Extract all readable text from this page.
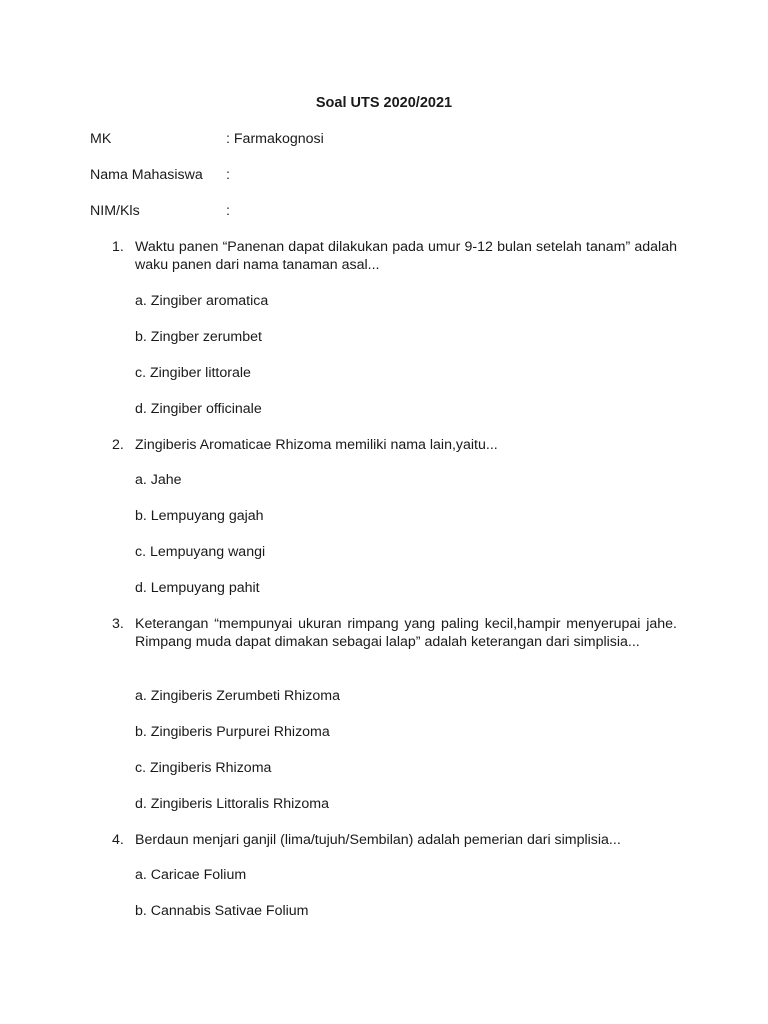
Soal UTS 2020/2021
MK	: Farmakognosi
Nama Mahasiswa :
NIM/Kls	:
1. Waktu panen “Panenan dapat dilakukan pada umur 9-12 bulan setelah tanam” adalah waku panen dari nama tanaman asal...
a. Zingiber aromatica
b. Zingber zerumbet
c. Zingiber littorale
d. Zingiber officinale
2. Zingiberis Aromaticae Rhizoma memiliki nama lain,yaitu...
a. Jahe
b. Lempuyang gajah
c. Lempuyang wangi
d. Lempuyang pahit
3. Keterangan “mempunyai ukuran rimpang yang paling kecil,hampir menyerupai jahe. Rimpang muda dapat dimakan sebagai lalap” adalah keterangan dari simplisia...
a. Zingiberis Zerumbeti Rhizoma
b. Zingiberis Purpurei Rhizoma
c. Zingiberis Rhizoma
d. Zingiberis Littoralis Rhizoma
4. Berdaun menjari ganjil (lima/tujuh/Sembilan) adalah pemerian dari simplisia...
a. Caricae Folium
b. Cannabis Sativae Folium
